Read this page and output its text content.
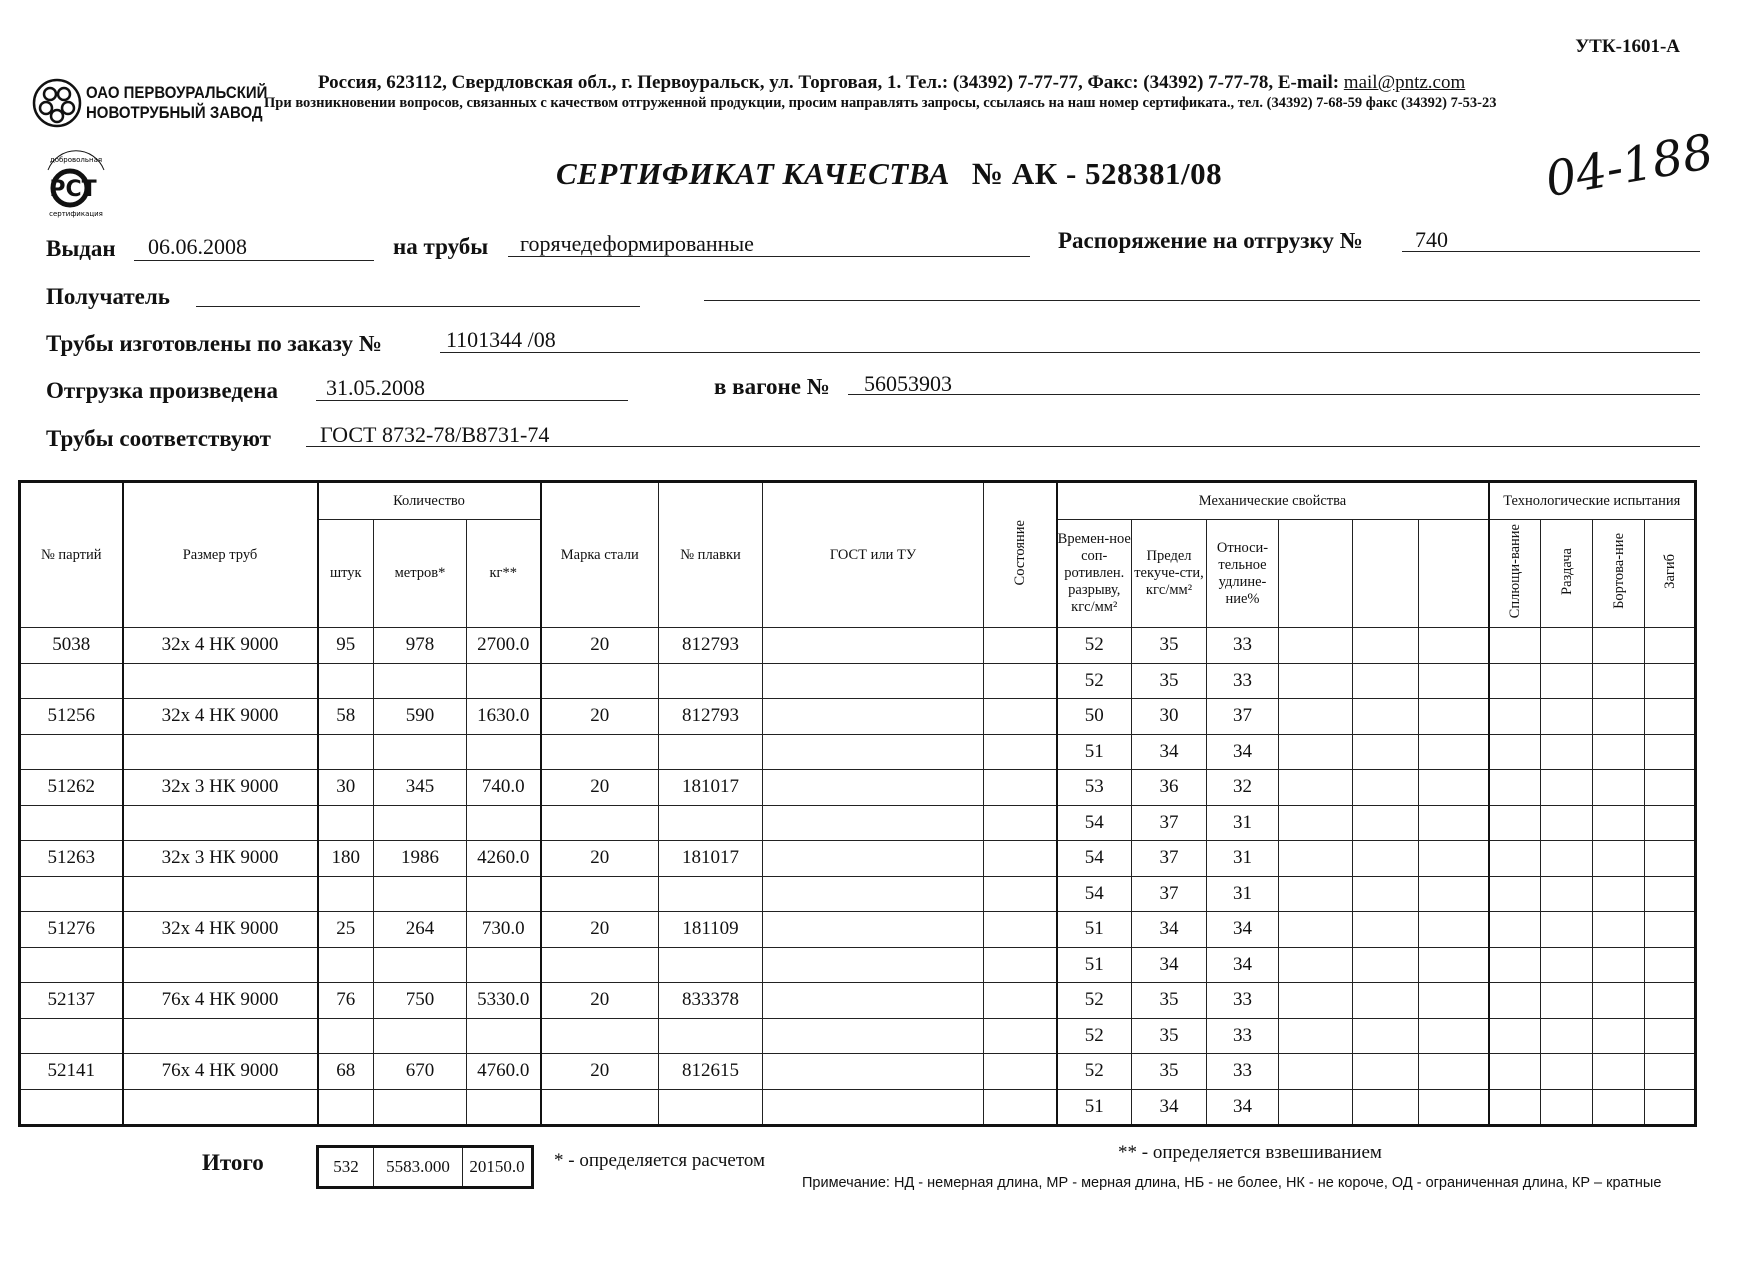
УТК-1601-А
ОАО ПЕРВОУРАЛЬСКИЙ
НОВОТРУБНЫЙ ЗАВОД
Россия, 623112, Свердловская обл., г. Первоуральск, ул. Торговая, 1. Тел.: (34392) 7-77-77, Факс: (34392) 7-77-78, E-mail: mail@pntz.com
При возникновении вопросов, связанных с качеством отгруженной продукции, просим направлять запросы, ссылаясь на наш номер сертификата., тел. (34392) 7-68-59 факс (34392) 7-53-23
добровольная
РСТ
сертификация
СЕРТИФИКАТ КАЧЕСТВА № АК - 528381/08	04-188
Выдан 06.06.2008	на трубы горячедеформированные	Распоряжение на отгрузку № 740
Получатель
Трубы изготовлены по заказу №	1101344 /08
Отгрузка произведена 31.05.2008	в вагоне № 56053903
Трубы соответствуют ГОСТ 8732-78/В8731-74
№ партий	Размер труб	Количество			Марка стали	№ плавки	ГОСТ или ТУ	Состояние	Механические свойства						Технологические испытания			
		штук	метров*	кг**					Времен-ное соп-ротивлен. разрыву, кгс/мм²	Предел текуче-сти, кгс/мм²	Относи-тельное удлине-ние%				Сплющи-вание	Раздача	Бортова-ние	Загиб
5038	32х 4 НК 9000	95	978	2700.0	20	812793			52	35	33							
									52	35	33							
51256	32х 4 НК 9000	58	590	1630.0	20	812793			50	30	37							
									51	34	34							
51262	32х 3 НК 9000	30	345	740.0	20	181017			53	36	32							
									54	37	31							
51263	32х 3 НК 9000	180	1986	4260.0	20	181017			54	37	31							
									54	37	31							
51276	32х 4 НК 9000	25	264	730.0	20	181109			51	34	34							
									51	34	34							
52137	76х 4 НК 9000	76	750	5330.0	20	833378			52	35	33							
									52	35	33							
52141	76х 4 НК 9000	68	670	4760.0	20	812615			52	35	33							
									51	34	34							
Итого	532	5583.000	20150.0 * - определяется расчетом	** - определяется взвешиванием
Примечание: НД - немерная длина, МР - мерная длина, НБ - не более, НК - не короче, ОД - ограниченная длина, КР – кратные
